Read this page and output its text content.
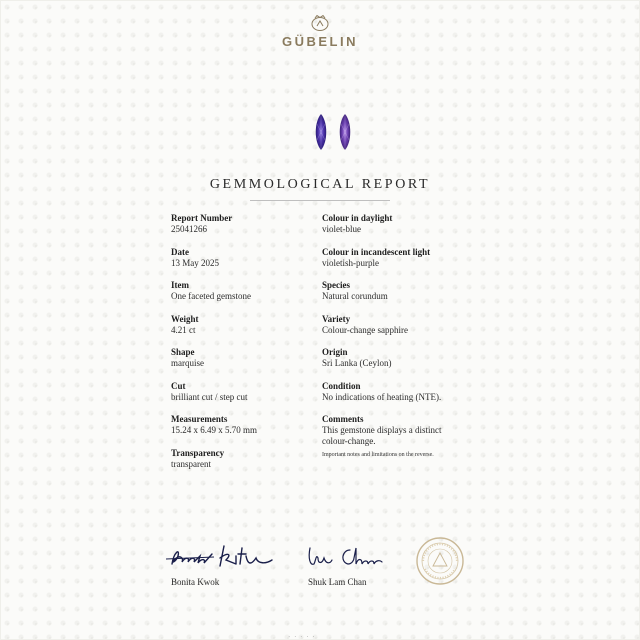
GÜBELIN
GEMMOLOGICAL REPORT
Report Number
25041266
Date
13 May 2025
Item
One faceted gemstone
Weight
4.21 ct
Shape
marquise
Cut
brilliant cut / step cut
Measurements
15.24 x 6.49 x 5.70 mm
Transparency
transparent
Colour in daylight
violet-blue
Colour in incandescent light
violetish-purple
Species
Natural corundum
Variety
Colour-change sapphire
Origin
Sri Lanka (Ceylon)
Condition
No indications of heating (NTE).
Comments
This gemstone displays a distinct
colour-change.
Important notes and limitations on the reverse.
Bonita Kwok	Shuk Lam Chan
· · · · ·
